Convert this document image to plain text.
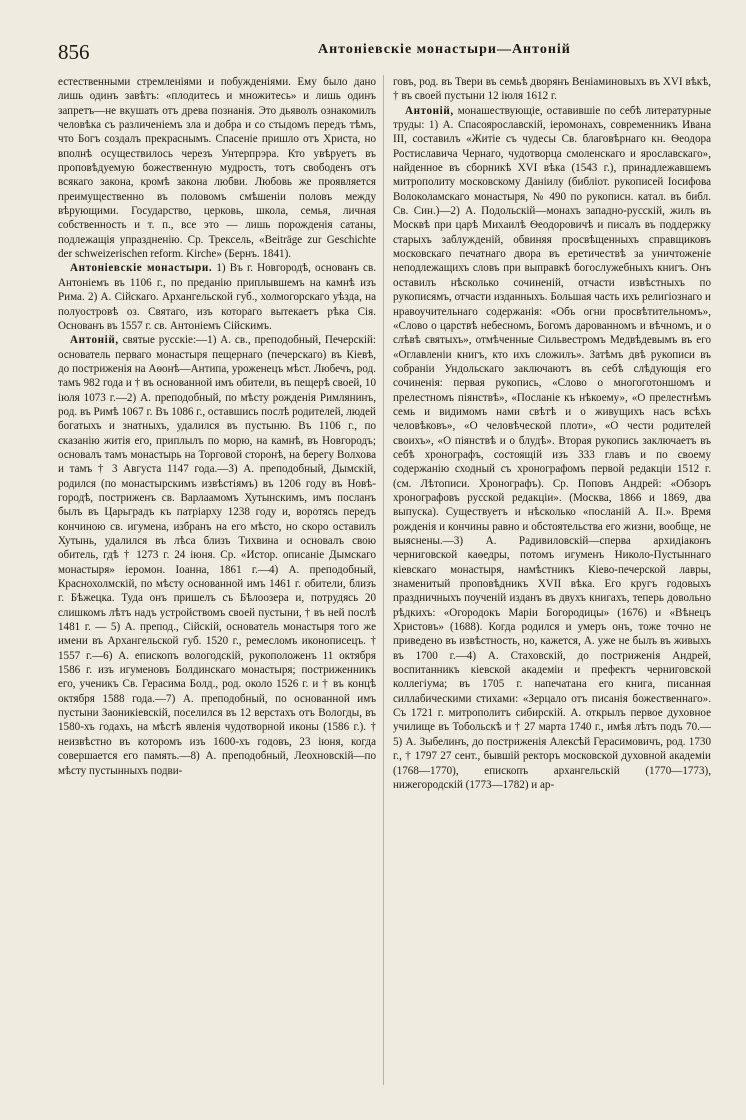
856	Антоніевскіе монастыри—Антоній

естественными стремленіями и побужденіями. Ему было дано лишь одинъ завѣтъ: «плодитесь и множитесь» и лишь одинъ запретъ—не вкушать отъ древа познанія. Это дьяволъ ознакомилъ человѣка съ различеніемъ зла и добра и со стыдомъ передъ тѣмъ, что Богъ создалъ прекраснымъ. Спасеніе пришло отъ Христа, но вполнѣ осуществилось черезъ Унтерпрэра. Кто увѣруетъ въ проповѣдуемую божественную мудрость, тотъ свободенъ отъ всякаго закона, кромѣ закона любви. Любовь же проявляется преимущественно въ половомъ смѣшеніи половъ между вѣрующими. Государство, церковь, школа, семья, личная собственность и т. п., все это — лишь порожденія сатаны, подлежащія упраздненію. Ср. Трексель, «Beiträge zur Geschichte der schweizerischen reform. Kirche» (Бернъ. 1841).

Антоніевскіе монастыри. 1) Въ г. Новгородѣ, основанъ св. Антоніемъ въ 1106 г., по преданію приплывшемъ на камнѣ изъ Рима. 2) А. Сійскаго. Архангельской губ., холмогорскаго уѣзда, на полуостровѣ оз. Святаго, изъ котораго вытекаетъ рѣка Сія. Основанъ въ 1557 г. св. Антоніемъ Сійскимъ.

Антоній, святые русскіе:—1) А. св., преподобный, Печерскій: основатель перваго монастыря пещернаго (печерскаго) въ Кіевѣ, до постриженія на Аѳонѣ—Антипа, уроженецъ мѣст. Любечъ, род. тамъ 982 года и † въ основанной имъ обители, въ пещерѣ своей, 10 іюля 1073 г.—2) А. преподобный, по мѣсту рожденія Римлянинъ, род. въ Римѣ 1067 г. Въ 1086 г., оставшись послѣ родителей, людей богатыхъ и знатныхъ, удалился въ пустыню. Въ 1106 г., по сказанію житія его, приплылъ по морю, на камнѣ, въ Новгородъ; основалъ тамъ монастырь на Торговой сторонѣ, на берегу Волхова и тамъ † 3 Августа 1147 года.—3) А. преподобный, Дымскій, родился (по монастырскимъ извѣстіямъ) въ 1206 году въ Новѣ-городѣ, постриженъ св. Варлаамомъ Хутынскимъ, имъ посланъ былъ въ Царьградъ къ патріарху 1238 году и, воротясь передъ кончиною св. игумена, избранъ на его мѣсто, но скоро оставилъ Хутынь, удалился въ лѣса близъ Тихвина и основалъ свою обитель, гдѣ † 1273 г. 24 іюня. Ср. «Истор. описаніе Дымскаго монастыря» іеромон. Іоанна, 1861 г.—4) А. преподобный, Краснохолмскій, по мѣсту основанной имъ 1461 г. обители, близъ г. Бѣжецка. Туда онъ пришелъ съ Бѣлоозера и, потрудясь 20 слишкомъ лѣтъ надъ устройствомъ своей пустыни, † въ ней послѣ 1481 г. — 5) А. препод., Сійскій, основатель монастыря того же имени въ Архангельской губ. 1520 г., ремесломъ иконописецъ. † 1557 г.—6) А. епископъ вологодскій, рукоположенъ 11 октября 1586 г. изъ игуменовъ Болдинскаго монастыря; постриженникъ его, ученикъ Св. Герасима Болд., род. около 1526 г. и † въ концѣ октября 1588 года.—7) А. преподобный, по основанной имъ пустыни Заоникіевскій, поселился въ 12 верстахъ отъ Вологды, въ 1580-хъ годахъ, на мѣстѣ явленія чудотворной иконы (1586 г.). † неизвѣстно въ которомъ изъ 1600-хъ годовъ, 23 іюня, когда совершается его память.—8) А. преподобный, Леохновскій—по мѣсту пустынныхъ подви-

говъ, род. въ Твери въ семьѣ дворянъ Веніаминовыхъ въ XVI вѣкѣ, † въ своей пустыни 12 іюля 1612 г.

Антоній, монашествующіе, оставившіе по себѣ литературные труды: 1) А. Спасоярославскій, іеромонахъ, современникъ Ивана III, составилъ «Житіе съ чудесы Св. благовѣрнаго кн. Ѳеодора Ростиславича Чернаго, чудотворца смоленскаго и ярославскаго», найденное въ сборникѣ XVI вѣка (1543 г.), принадлежавшемъ митрополиту московскому Даніилу (библіот. рукописей Іосифова Волоколамскаго монастыря, № 490 по рукописн. катал. въ библ. Св. Син.)—2) А. Подольскій—монахъ западно-русскій, жилъ въ Москвѣ при царѣ Михаилѣ Ѳеодоровичѣ и писалъ въ поддержку старыхъ заблужденій, обвиняя просвѣщенныхъ справщиковъ московскаго печатнаго двора въ еретичествѣ за уничтоженіе неподлежащихъ словъ при выправкѣ богослужебныхъ книгъ. Онъ оставилъ нѣсколько сочиненій, отчасти извѣстныхъ по рукописямъ, отчасти изданныхъ. Большая часть ихъ религіознаго и нравоучительнаго содержанія: «Объ огни просвѣтительномъ», «Слово о царствѣ небесномъ, Богомъ дарованномъ и вѣчномъ, и о слѣвѣ святыхъ», отмѣченные Сильвестромъ Медвѣдевымъ въ его «Оглавленіи книгъ, кто ихъ сложилъ». Затѣмъ двѣ рукописи въ собраніи Ундольскаго заключаютъ въ себѣ слѣдующія его сочиненія: первая рукопись, «Слово о многоготоншомъ и прелестномъ піянствѣ», «Посланіе къ нѣкоему», «О прелестнѣмъ семь и видимомъ нами свѣтѣ и о живущихъ насъ всѣхъ человѣковъ», «О человѣческой плоти», «О чести родителей своихъ», «О піянствѣ и о блудѣ». Вторая рукопись заключаетъ въ себѣ хронографъ, состоящій изъ 333 главъ и по своему содержанію сходный съ хронографомъ первой редакціи 1512 г. (см. Лѣтописи. Хронографъ). Ср. Поповъ Андрей: «Обзоръ хронографовъ русской редакціи». (Москва, 1866 и 1869, два выпуска). Существуетъ и нѣсколько «посланій А. II.». Время рожденія и кончины равно и обстоятельства его жизни, вообще, не выяснены.—3) А. Радивиловскій—сперва архидіаконъ черниговской каѳедры, потомъ игуменъ Николо-Пустыннаго кіевскаго монастыря, намѣстникъ Кіево-печерской лавры, знаменитый проповѣдникъ XVII вѣка. Его кругъ годовыхъ праздничныхъ поученій изданъ въ двухъ книгахъ, теперь довольно рѣдкихъ: «Огородокъ Маріи Богородицы» (1676) и «Вѣнецъ Христовъ» (1688). Когда родился и умеръ онъ, тоже точно не приведено въ извѣстность, но, кажется, А. уже не былъ въ живыхъ въ 1700 г.—4) А. Стаховскій, до постриженія Андрей, воспитанникъ кіевской академіи и префектъ черниговской коллегіума; въ 1705 г. напечатана его книга, писанная силлабическими стихами: «Зерцало отъ писанія божественнаго». Съ 1721 г. митрополитъ сибирскій. А. открылъ первое духовное училище въ Тобольскѣ и † 27 марта 1740 г., имѣя лѣтъ подъ 70.—5) А. Зыбелинъ, до постриженія Алексѣй Герасимовичъ, род. 1730 г., † 1797 27 сент., бывшій ректоръ московской духовной академіи (1768—1770), епископъ архангельскій (1770—1773), нижегородскій (1773—1782) и ар-
